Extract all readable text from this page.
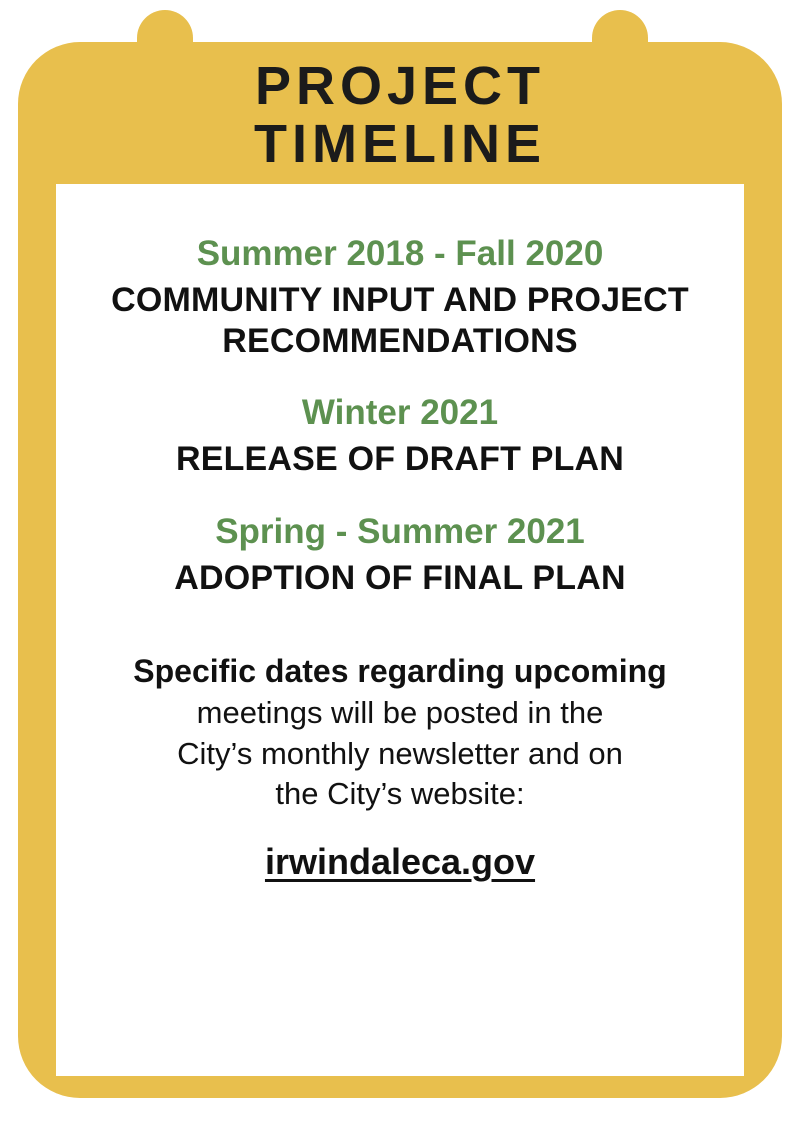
PROJECT
TIMELINE
Summer 2018 - Fall 2020
COMMUNITY INPUT AND PROJECT RECOMMENDATIONS
Winter 2021
RELEASE OF DRAFT PLAN
Spring - Summer 2021
ADOPTION OF FINAL PLAN
Specific dates regarding upcoming
meetings will be posted in the
City’s monthly newsletter and on
the City’s website:
irwindaleca.gov
